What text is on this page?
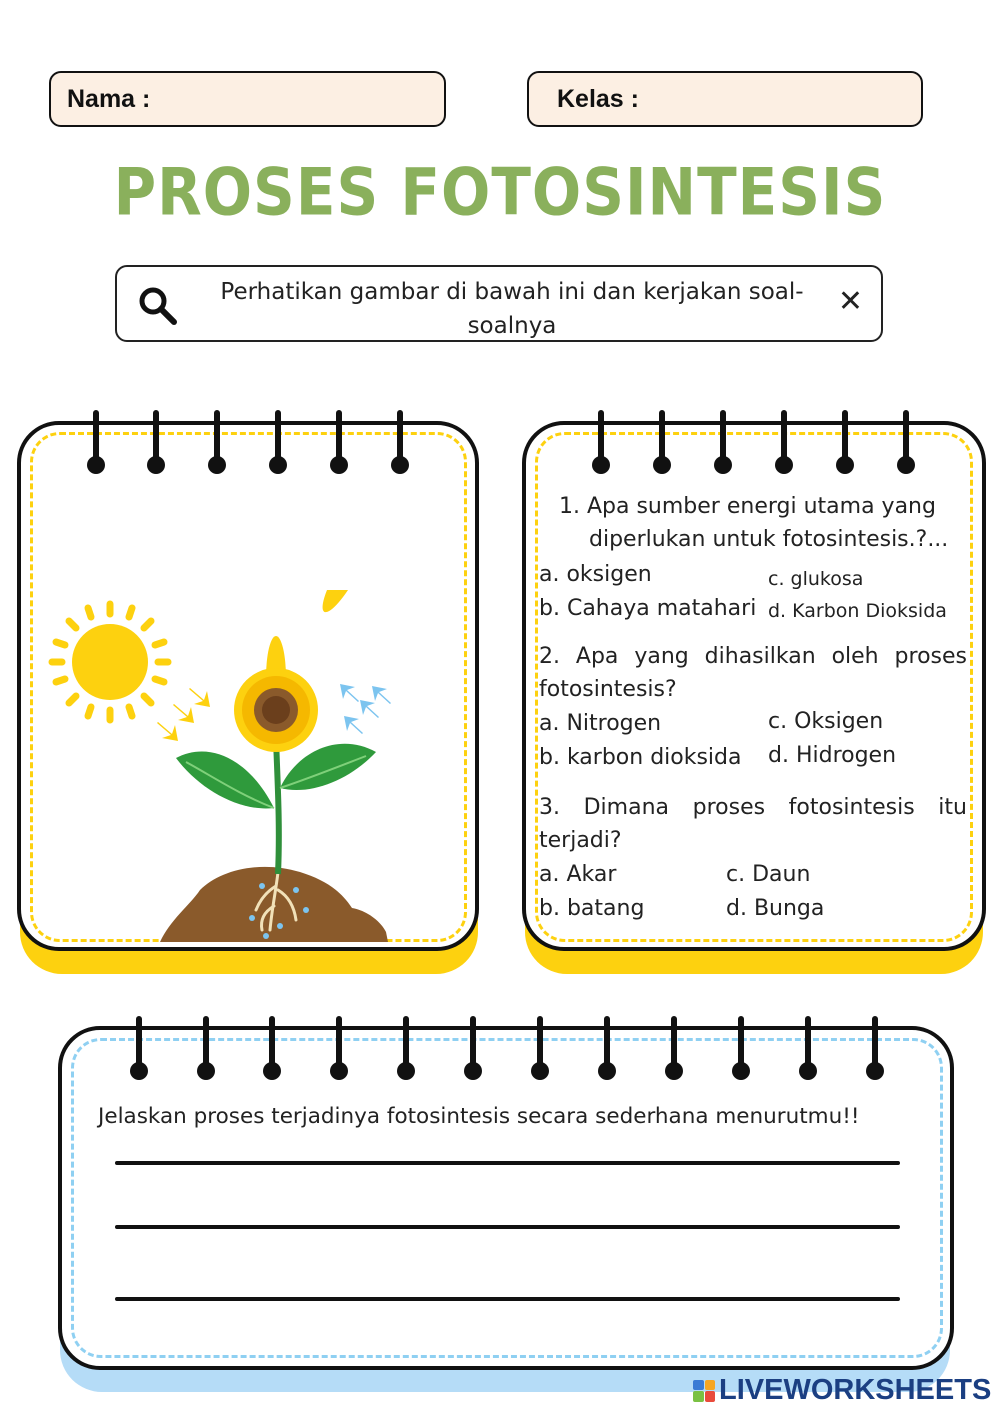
Nama :	Kelas :
PROSES FOTOSINTESIS
Perhatikan gambar di bawah ini dan kerjakan soal-soalnya
✕
1. Apa sumber energi utama yang diperlukan untuk fotosintesis.?...
a. oksigen	c. glukosa
b. Cahaya matahari d. Karbon Dioksida
2. Apa yang dihasilkan oleh proses fotosintesis?
a. Nitrogen	c. Oksigen
b. karbon dioksida d. Hidrogen
3. Dimana proses fotosintesis itu terjadi?
a. Akar	c. Daun
b. batang	d. Bunga
Jelaskan proses terjadinya fotosintesis secara sederhana menurutmu!!
LIVEWORKSHEETS
